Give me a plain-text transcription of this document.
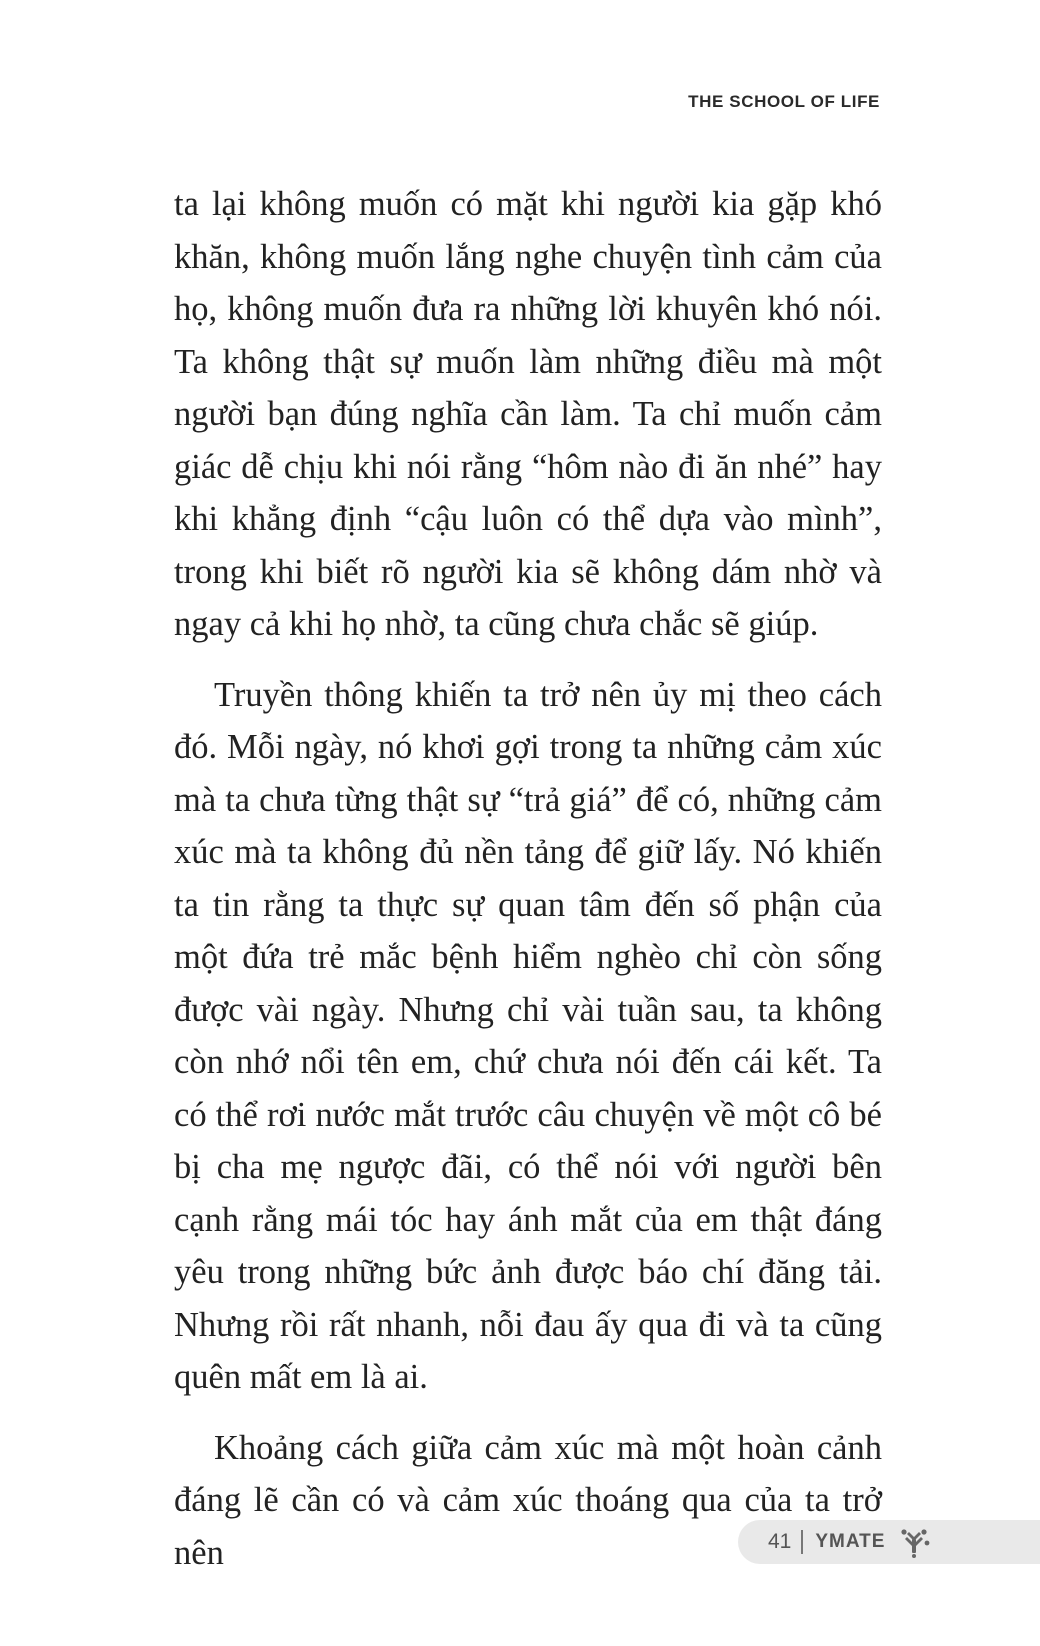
THE SCHOOL OF LIFE

ta lại không muốn có mặt khi người kia gặp khó khăn, không muốn lắng nghe chuyện tình cảm của họ, không muốn đưa ra những lời khuyên khó nói. Ta không thật sự muốn làm những điều mà một người bạn đúng nghĩa cần làm. Ta chỉ muốn cảm giác dễ chịu khi nói rằng “hôm nào đi ăn nhé” hay khi khẳng định “cậu luôn có thể dựa vào mình”, trong khi biết rõ người kia sẽ không dám nhờ và ngay cả khi họ nhờ, ta cũng chưa chắc sẽ giúp.

Truyền thông khiến ta trở nên ủy mị theo cách đó. Mỗi ngày, nó khơi gợi trong ta những cảm xúc mà ta chưa từng thật sự “trả giá” để có, những cảm xúc mà ta không đủ nền tảng để giữ lấy. Nó khiến ta tin rằng ta thực sự quan tâm đến số phận của một đứa trẻ mắc bệnh hiểm nghèo chỉ còn sống được vài ngày. Nhưng chỉ vài tuần sau, ta không còn nhớ nổi tên em, chứ chưa nói đến cái kết. Ta có thể rơi nước mắt trước câu chuyện về một cô bé bị cha mẹ ngược đãi, có thể nói với người bên cạnh rằng mái tóc hay ánh mắt của em thật đáng yêu trong những bức ảnh được báo chí đăng tải. Nhưng rồi rất nhanh, nỗi đau ấy qua đi và ta cũng quên mất em là ai.

Khoảng cách giữa cảm xúc mà một hoàn cảnh đáng lẽ cần có và cảm xúc thoáng qua của ta trở nên	41 YMATE
